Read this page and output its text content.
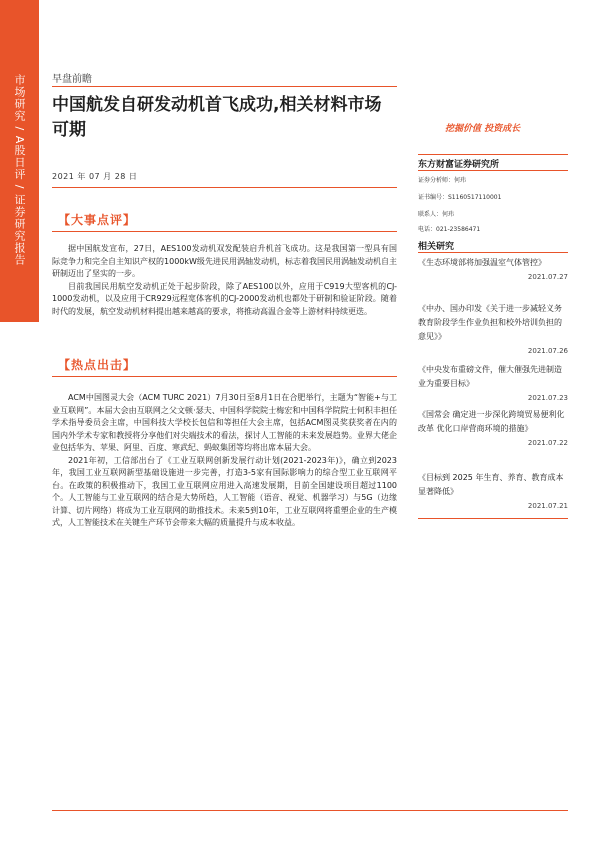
市场研究 / A股日评 / 证券研究报告	早盘前瞻
中国航发自研发动机首飞成功,相关材料市场可期
2021 年 07 月 28 日
【大事点评】

据中国航发宣布，27日，AES100发动机双发配装启升机首飞成功。这是我国第一型具有国际竞争力和完全自主知识产权的1000kW级先进民用涡轴发动机，标志着我国民用涡轴发动机自主研制迈出了坚实的一步。

目前我国民用航空发动机正处于起步阶段，除了AES100以外，应用于C919大型客机的CJ-1000发动机，以及应用于CR929远程宽体客机的CJ-2000发动机也都处于研制和验证阶段。随着时代的发展，航空发动机材料提出越来越高的要求，将推动高温合金等上游材料持续更迭。

【热点出击】

ACM中国图灵大会（ACM TURC 2021）7月30日至8月1日在合肥举行，主题为“智能+与工业互联网”。本届大会由互联网之父文顿·瑟夫、中国科学院院士梅宏和中国科学院院士何积丰担任学术指导委员会主席，中国科技大学校长包信和等担任大会主席，包括ACM图灵奖获奖者在内的国内外学术专家和教授将分享他们对尖端技术的看法，探讨人工智能的未来发展趋势。业界大佬企业包括华为、苹果、阿里、百度、寒武纪、蚂蚁集团等均将出席本届大会。

2021年初，工信部出台了《工业互联网创新发展行动计划(2021-2023年)》，确立到2023年，我国工业互联网新型基础设施进一步完善，打造3-5家有国际影响力的综合型工业互联网平台。在政策的积极推动下，我国工业互联网应用进入高速发展期，目前全国建设项目超过1100个。人工智能与工业互联网的结合是大势所趋，人工智能（语音、视觉、机器学习）与5G（边缘计算、切片网络）将成为工业互联网的助推技术。未来5到10年，工业互联网将重塑企业的生产模式，人工智能技术在关键生产环节会带来大幅的质量提升与成本收益。

挖掘价值 投资成长
东方财富证券研究所
证券分析师：何玮
证书编号：S1160517110001
联系人：何玮
电话：021-23586471
相关研究
《生态环境部将加强温室气体管控》
2021.07.27
《中办、国办印发《关于进一步减轻义务教育阶段学生作业负担和校外培训负担的意见》》
2021.07.26
《中央发布重磅文件，催大催强先进制造业为重要目标》
2021.07.23
《国常会 确定进一步深化跨境贸易便利化改革 优化口岸营商环境的措施》
2021.07.22
《目标到 2025 年生育、养育、教育成本显著降低》
2021.07.21
